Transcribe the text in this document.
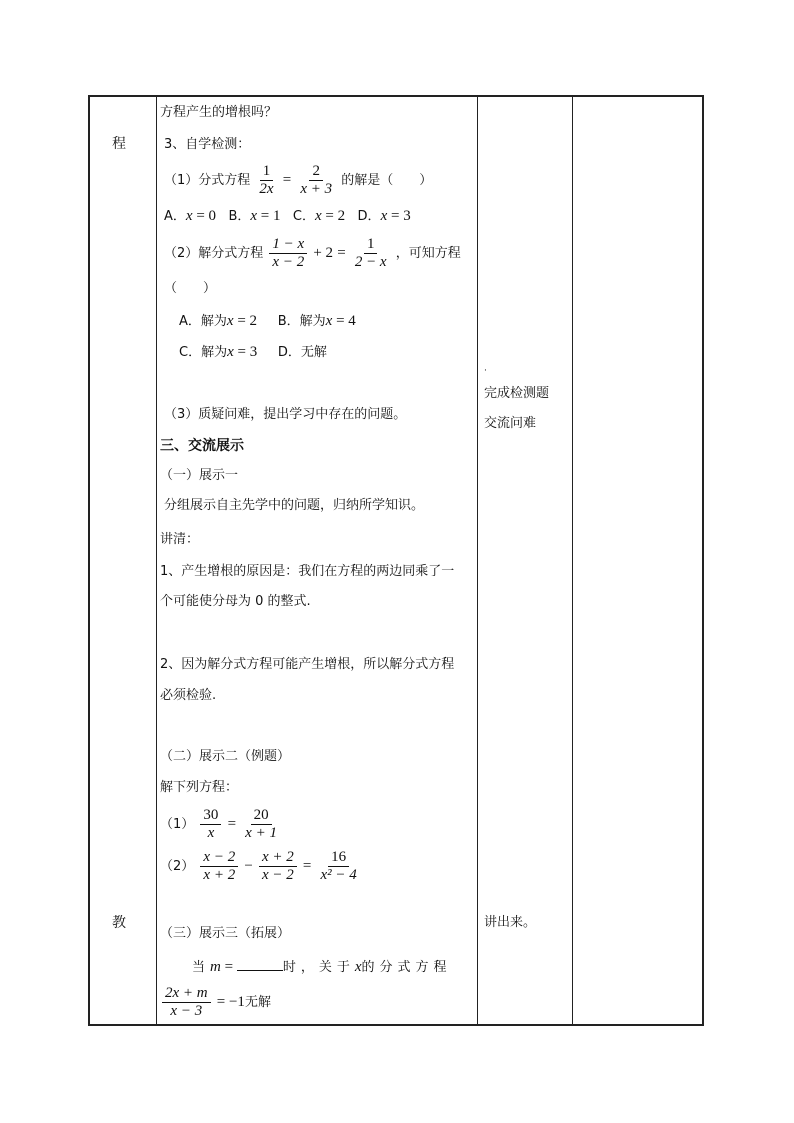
程
教
方程产生的增根吗？
3、自学检测：
（1）分式方程 $\frac{1}{2x} = \frac{2}{x + 3}$ 的解是（　　）
A．x = 0 B．x = 1 C．x = 2 D．x = 3
（2）解分式方程 $\frac{1 - x}{x - 2} + 2 = \frac{1}{2 - x}$ ，可知方程
（　　）
A．解为x = 2 B．解为x = 4
C．解为x = 3 D．无解
（3）质疑问难，提出学习中存在的问题。
三、交流展示
（一）展示一
分组展示自主先学中的问题，归纳所学知识。
讲清：
1、产生增根的原因是：我们在方程的两边同乘了一
个可能使分母为 0 的整式.
2、因为解分式方程可能产生增根，所以解分式方程
必须检验.
（二）展示二（例题）
解下列方程：
$(1) \frac{30}{x} = \frac{20}{x + 1}$
$(2) \frac{x - 2}{x + 2} - \frac{x + 2}{x - 2} = \frac{16}{\text{x² − 4}}$
（三）展示三（拓展）
当m =	时，关于x的分式方程
$\frac{2x + m}{x - 3} = -1$无解
·
完成检测题
交流问难
讲出来。
